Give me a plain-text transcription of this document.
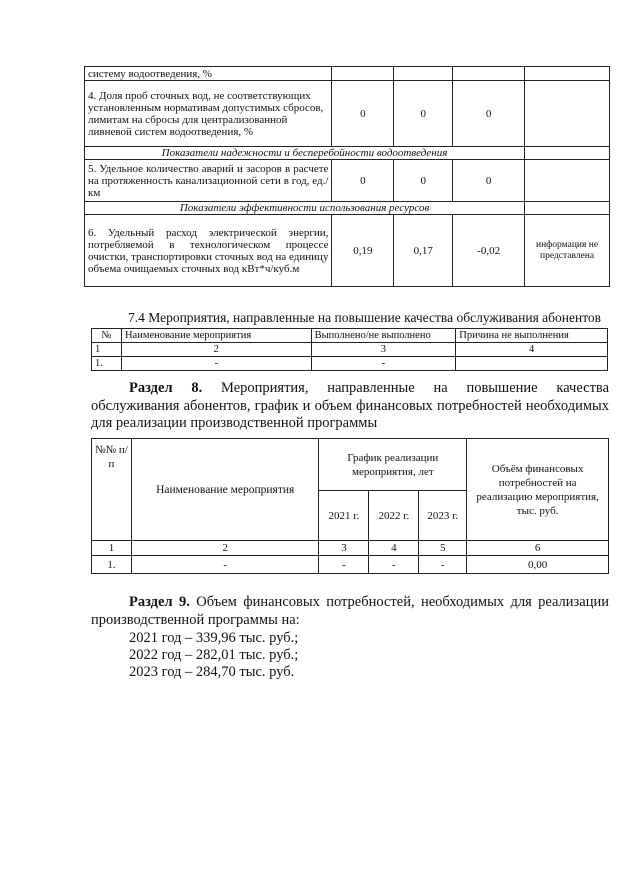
систему водоотведения, %				
4. Доля проб сточных вод, не соответствующих установленным нормативам допустимых сбросов, лимитам на сбросы для централизованной ливневой систем водоотведения, %	0	0	0	
Показатели надежности и бесперебойности водоотведения				
5. Удельное количество аварий и засоров в расчете на протяженность канализационной сети в год, ед./км	0	0	0	
Показатели эффективности использования ресурсов				
6. Удельный расход электрической энергии, потребляемой в технологическом процессе очистки, транспортировки сточных вод на единицу объема очищаемых сточных вод кВт*ч/куб.м	0,19	0,17	-0,02	информация не представлена

7.4 Мероприятия, направленные на повышение качества обслуживания абонентов

№	Наименование мероприятия	Выполнено/не выполнено	Причина не выполнения
1	2	3	4
1.	-	-	

Раздел 8. Мероприятия, направленные на повышение качества обслуживания абонентов, график и объем финансовых потребностей необходимых для реализации производственной программы

№№ п/п	Наименование мероприятия	График реализации мероприятия, лет			Объём финансовых потребностей на реализацию мероприятия, тыс. руб.
		2021 г.	2022 г.	2023 г.	
1	2	3	4	5	6
1.	-	-	-	-	0,00

Раздел 9. Объем финансовых потребностей, необходимых для реализации производственной программы на:

2021 год – 339,96 тыс. руб.;

2022 год – 282,01 тыс. руб.;

2023 год – 284,70 тыс. руб.
